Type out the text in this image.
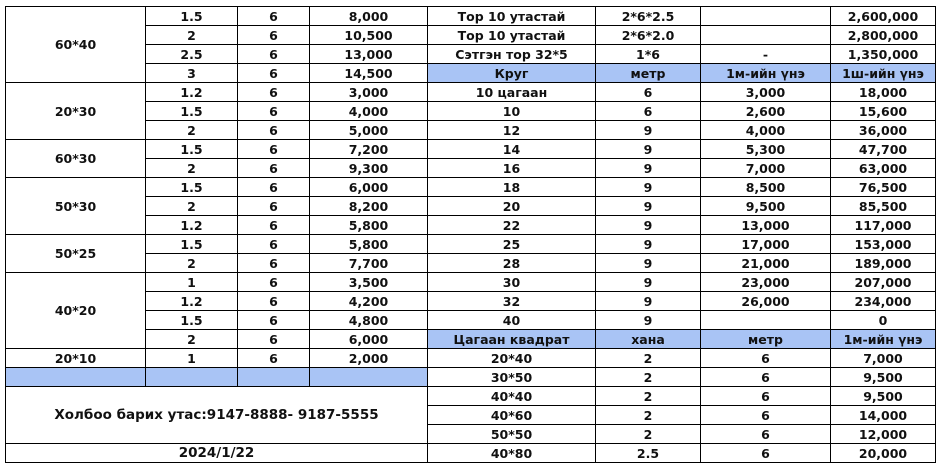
60*40	1.5	6	8,000	Тор 10 утастай	2*6*2.5		2,600,000
	2	6	10,500	Тор 10 утастай	2*6*2.0		2,800,000
	2.5	6	13,000	Сэтгэн тор 32*5	1*6	-	1,350,000
	3	6	14,500	Круг	метр	1м-ийн үнэ	1ш-ийн үнэ
20*30	1.2	6	3,000	10 цагаан	6	3,000	18,000
	1.5	6	4,000	10	6	2,600	15,600
	2	6	5,000	12	9	4,000	36,000
60*30	1.5	6	7,200	14	9	5,300	47,700
	2	6	9,300	16	9	7,000	63,000
50*30	1.5	6	6,000	18	9	8,500	76,500
	2	6	8,200	20	9	9,500	85,500
	1.2	6	5,800	22	9	13,000	117,000
50*25	1.5	6	5,800	25	9	17,000	153,000
	2	6	7,700	28	9	21,000	189,000
40*20	1	6	3,500	30	9	23,000	207,000
	1.2	6	4,200	32	9	26,000	234,000
	1.5	6	4,800	40	9		0
	2	6	6,000	Цагаан квадрат	хана	метр	1м-ийн үнэ
20*10	1	6	2,000	20*40	2	6	7,000
				30*50	2	6	9,500
Холбоо барих утас:9147-8888- 9187-5555				40*40	2	6	9,500
				40*60	2	6	14,000
				50*50	2	6	12,000
2024/1/22				40*80	2.5	6	20,000
